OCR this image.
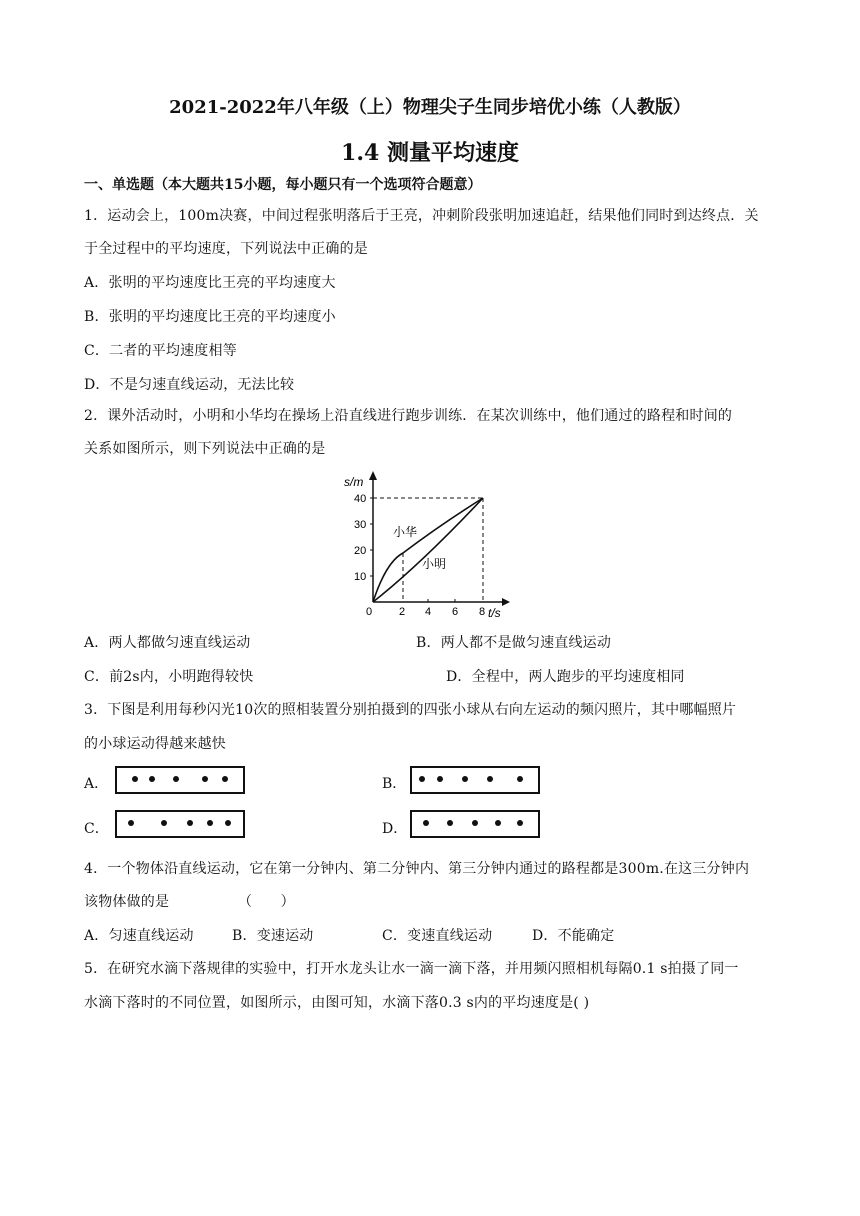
2021-2022年八年级（上）物理尖子生同步培优小练（人教版）
1.4 测量平均速度
一、单选题（本大题共15小题，每小题只有一个选项符合题意）
1．运动会上，100m决赛，中间过程张明落后于王亮，冲刺阶段张明加速追赶，结果他们同时到达终点．关
于全过程中的平均速度，下列说法中正确的是
A．张明的平均速度比王亮的平均速度大
B．张明的平均速度比王亮的平均速度小
C．二者的平均速度相等
D．不是匀速直线运动，无法比较
2．课外活动时，小明和小华均在操场上沿直线进行跑步训练．在某次训练中，他们通过的路程和时间的
关系如图所示，则下列说法中正确的是
s/m
t/s
10
20
30
40
0 2 4 6 8
小华
小明
A．两人都做匀速直线运动	B．两人都不是做匀速直线运动
C．前2s内，小明跑得较快	D．全程中，两人跑步的平均速度相同
3．下图是利用每秒闪光10次的照相装置分别拍摄到的四张小球从右向左运动的频闪照片，其中哪幅照片
的小球运动得越来越快
A．	B．
C．	D．
4．一个物体沿直线运动，它在第一分钟内、第二分钟内、第三分钟内通过的路程都是300m.在这三分钟内
该物体做的是	（　　）
A．匀速直线运动	B．变速运动	C．变速直线运动	D．不能确定
5．在研究水滴下落规律的实验中，打开水龙头让水一滴一滴下落，并用频闪照相机每隔0.1 s拍摄了同一
水滴下落时的不同位置，如图所示，由图可知，水滴下落0.3 s内的平均速度是( )
